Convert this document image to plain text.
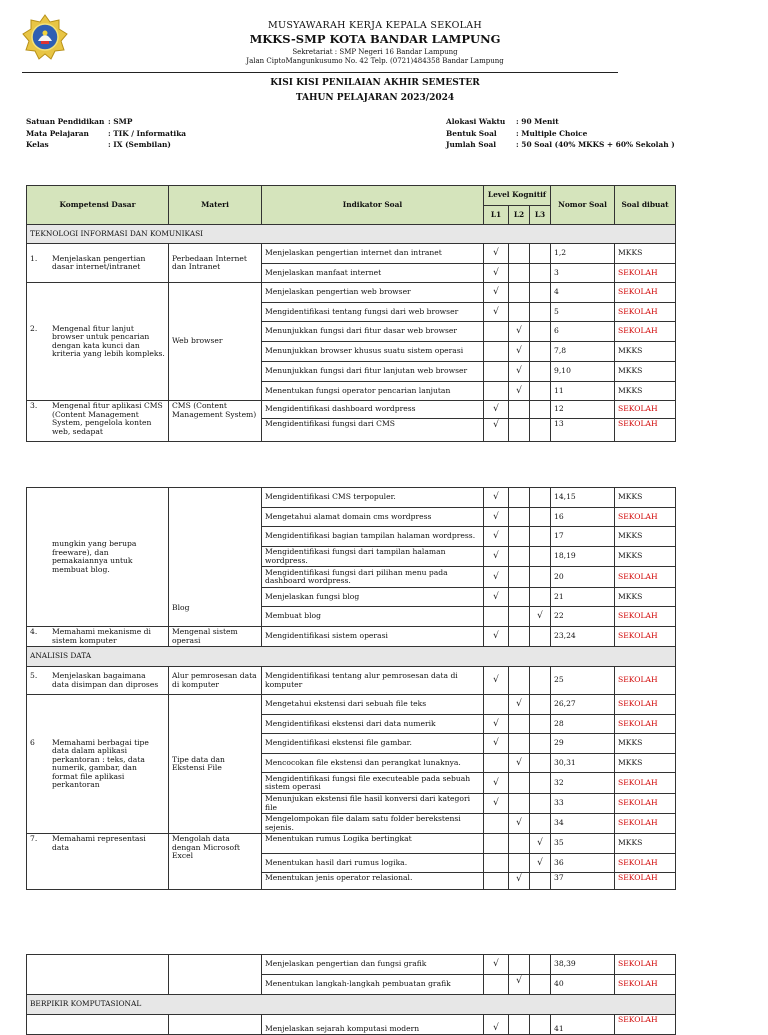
MUSYAWARAH KERJA KEPALA SEKOLAH
MKKS-SMP KOTA BANDAR LAMPUNG
Sekretariat : SMP Negeri 16 Bandar Lampung
Jalan CiptoMangunkusumo No. 42 Telp. (0721)484358 Bandar Lampung
KISI KISI PENILAIAN AKHIR SEMESTER
TAHUN PELAJARAN 2023/2024
Satuan Pendidikan : SMP
Mata Pelajaran	: TIK / Informatika
Kelas	: IX (Sembilan)
Alokasi Waktu	: 90 Menit
Bentuk Soal	: Multiple Choice
Jumlah Soal	: 50 Soal (40% MKKS + 60% Sekolah )
Kompetensi Dasar	Materi	Indikator Soal	Level Kognitif			Nomor Soal	Soal dibuat
			L1	L2	L3		
TEKNOLOGI INFORMASI DAN KOMUNIKASI							

1. Menjelaskan pengertian dasar internet/intranet	Perbedaan Internet dan Intranet	Menjelaskan pengertian internet dan intranet	√			1,2	MKKS
		Menjelaskan manfaat internet	√			3	SEKOLAH

2. Mengenal fitur lanjut browser untuk pencarian dengan kata kunci dan kriteria yang lebih kompleks.	Web browser	Menjelaskan pengertian web browser	√			4	SEKOLAH
		Mengidentifikasi tentang fungsi dari web browser	√			5	SEKOLAH
		Menunjukkan fungsi dari fitur dasar web browser		√		6	SEKOLAH
		Menunjukkan browser khusus suatu sistem operasi		√		7,8	MKKS
		Menunjukkan fungsi dari fitur lanjutan web browser		√		9,10	MKKS
		Menentukan fungsi operator pencarian lanjutan		√		11	MKKS

3. Mengenal fitur aplikasi CMS (Content Management System, pengelola konten web, sedapat	CMS (Content Management System)	Mengidentifikasi dashboard wordpress	√			12	SEKOLAH
		Mengidentifikasi fungsi dari CMS	√			13	SEKOLAH
mungkin yang berupa freeware), dan pemakaiannya untuk membuat blog.	Blog	Mengidentifikasi CMS terpopuler.	√			14,15	MKKS
		Mengetahui alamat domain cms wordpress	√			16	SEKOLAH
		Mengidentifikasi bagian tampilan halaman wordpress.	√			17	MKKS
		Mengidentifikasi fungsi dari tampilan halaman wordpress.	√			18,19	MKKS
		Mengidentifikasi fungsi dari pilihan menu pada dashboard wordpress.	√			20	SEKOLAH
		Menjelaskan fungsi blog	√			21	MKKS
		Membuat blog			√	22	SEKOLAH

4. Memahami mekanisme di sistem komputer	Mengenal sistem operasi	Mengidentifikasi sistem operasi	√			23,24	SEKOLAH
ANALISIS DATA							

5. Menjelaskan bagaimana data disimpan dan diproses	Alur pemrosesan data di komputer	Mengidentifikasi tentang alur pemrosesan data di komputer	√			25	SEKOLAH

6 Memahami berbagai tipe data dalam aplikasi perkantoran : teks, data numerik, gambar, dan format file aplikasi perkantoran	Tipe data dan Ekstensi File	Mengetahui ekstensi dari sebuah file teks		√		26,27	SEKOLAH
		Mengidentifikasi ekstensi dari data numerik	√			28	SEKOLAH
		Mengidentifikasi ekstensi file gambar.	√			29	MKKS
		Mencocokan file ekstensi dan perangkat lunaknya.		√		30,31	MKKS
		Mengidentifikasi fungsi file executeable pada sebuah sistem operasi	√			32	SEKOLAH
		Menunjukan ekstensi file hasil konversi dari kategori file	√			33	SEKOLAH
		Mengelompokan file dalam satu folder berekstensi sejenis.		√		34	SEKOLAH

7. Memahami representasi data	Mengolah data dengan Microsoft Excel	Menentukan rumus Logika bertingkat			√	35	MKKS
		Menentukan hasil dari rumus logika.			√	36	SEKOLAH
		Menentukan jenis operator relasional.		√		37	SEKOLAH
		Menjelaskan pengertian dan fungsi grafik	√			38,39	SEKOLAH
		Menentukan langkah-langkah pembuatan grafik		√		40	SEKOLAH
BERPIKIR KOMPUTASIONAL							
		Menjelaskan sejarah komputasi modern	√			41	SEKOLAH
